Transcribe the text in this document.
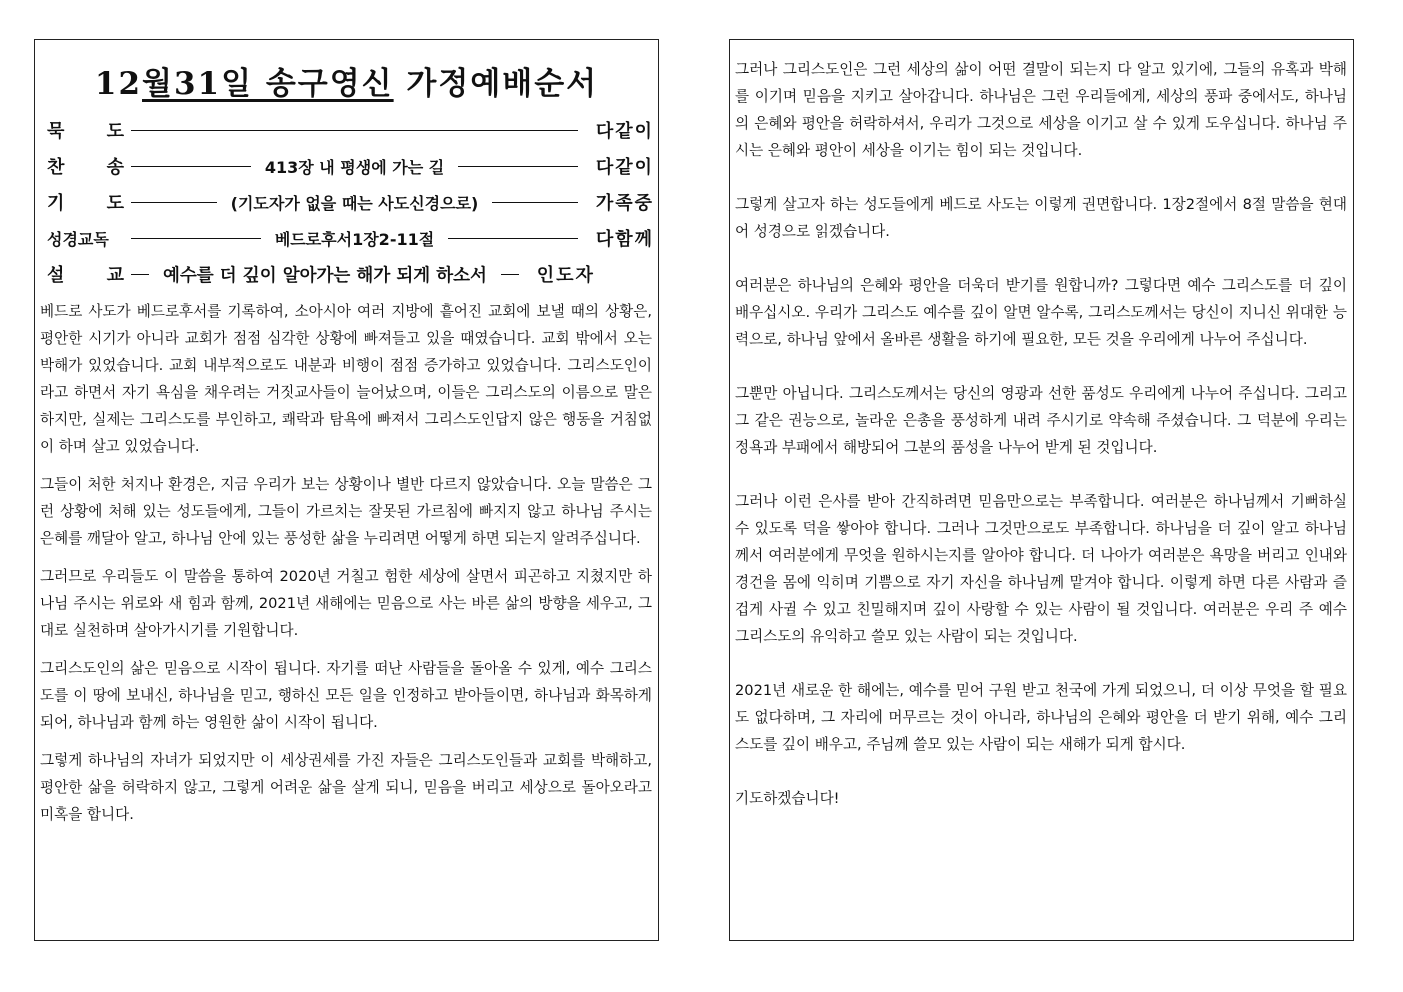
12월31일 송구영신 가정예배순서
묵 도	다같이
찬 송	413장 내 평생에 가는 길	다같이
기 도	(기도자가 없을 때는 사도신경으로)	가족중
성경교독	베드로후서1장2-11절	다함께
설 교	예수를 더 깊이 알아가는 해가 되게 하소서	인도자

베드로 사도가 베드로후서를 기록하여, 소아시아 여러 지방에 흩어진 교회에 보낼 때의 상황은, 평안한 시기가 아니라 교회가 점점 심각한 상황에 빠져들고 있을 때였습니다. 교회 밖에서 오는 박해가 있었습니다. 교회 내부적으로도 내분과 비행이 점점 증가하고 있었습니다. 그리스도인이라고 하면서 자기 욕심을 채우려는 거짓교사들이 늘어났으며, 이들은 그리스도의 이름으로 말은 하지만, 실제는 그리스도를 부인하고, 쾌락과 탐욕에 빠져서 그리스도인답지 않은 행동을 거침없이 하며 살고 있었습니다.

그들이 처한 처지나 환경은, 지금 우리가 보는 상황이나 별반 다르지 않았습니다. 오늘 말씀은 그런 상황에 처해 있는 성도들에게, 그들이 가르치는 잘못된 가르침에 빠지지 않고 하나님 주시는 은혜를 깨달아 알고, 하나님 안에 있는 풍성한 삶을 누리려면 어떻게 하면 되는지 알려주십니다.

그러므로 우리들도 이 말씀을 통하여 2020년 거칠고 험한 세상에 살면서 피곤하고 지쳤지만 하나님 주시는 위로와 새 힘과 함께, 2021년 새해에는 믿음으로 사는 바른 삶의 방향을 세우고, 그대로 실천하며 살아가시기를 기원합니다.

그리스도인의 삶은 믿음으로 시작이 됩니다. 자기를 떠난 사람들을 돌아올 수 있게, 예수 그리스도를 이 땅에 보내신, 하나님을 믿고, 행하신 모든 일을 인정하고 받아들이면, 하나님과 화목하게 되어, 하나님과 함께 하는 영원한 삶이 시작이 됩니다.

그렇게 하나님의 자녀가 되었지만 이 세상권세를 가진 자들은 그리스도인들과 교회를 박해하고, 평안한 삶을 허락하지 않고, 그렇게 어려운 삶을 살게 되니, 믿음을 버리고 세상으로 돌아오라고 미혹을 합니다.

그러나 그리스도인은 그런 세상의 삶이 어떤 결말이 되는지 다 알고 있기에, 그들의 유혹과 박해를 이기며 믿음을 지키고 살아갑니다. 하나님은 그런 우리들에게, 세상의 풍파 중에서도, 하나님의 은혜와 평안을 허락하셔서, 우리가 그것으로 세상을 이기고 살 수 있게 도우십니다. 하나님 주시는 은혜와 평안이 세상을 이기는 힘이 되는 것입니다.

그렇게 살고자 하는 성도들에게 베드로 사도는 이렇게 권면합니다. 1장2절에서 8절 말씀을 현대어 성경으로 읽겠습니다.

여러분은 하나님의 은혜와 평안을 더욱더 받기를 원합니까? 그렇다면 예수 그리스도를 더 깊이 배우십시오. 우리가 그리스도 예수를 깊이 알면 알수록, 그리스도께서는 당신이 지니신 위대한 능력으로, 하나님 앞에서 올바른 생활을 하기에 필요한, 모든 것을 우리에게 나누어 주십니다.

그뿐만 아닙니다. 그리스도께서는 당신의 영광과 선한 품성도 우리에게 나누어 주십니다. 그리고 그 같은 권능으로, 놀라운 은총을 풍성하게 내려 주시기로 약속해 주셨습니다. 그 덕분에 우리는 정욕과 부패에서 해방되어 그분의 품성을 나누어 받게 된 것입니다.

그러나 이런 은사를 받아 간직하려면 믿음만으로는 부족합니다. 여러분은 하나님께서 기뻐하실 수 있도록 덕을 쌓아야 합니다. 그러나 그것만으로도 부족합니다. 하나님을 더 깊이 알고 하나님께서 여러분에게 무엇을 원하시는지를 알아야 합니다. 더 나아가 여러분은 욕망을 버리고 인내와 경건을 몸에 익히며 기쁨으로 자기 자신을 하나님께 맡겨야 합니다. 이렇게 하면 다른 사람과 즐겁게 사귈 수 있고 친밀해지며 깊이 사랑할 수 있는 사람이 될 것입니다. 여러분은 우리 주 예수 그리스도의 유익하고 쓸모 있는 사람이 되는 것입니다.

2021년 새로운 한 해에는, 예수를 믿어 구원 받고 천국에 가게 되었으니, 더 이상 무엇을 할 필요도 없다하며, 그 자리에 머무르는 것이 아니라, 하나님의 은혜와 평안을 더 받기 위해, 예수 그리스도를 깊이 배우고, 주님께 쓸모 있는 사람이 되는 새해가 되게 합시다.

기도하겠습니다!
